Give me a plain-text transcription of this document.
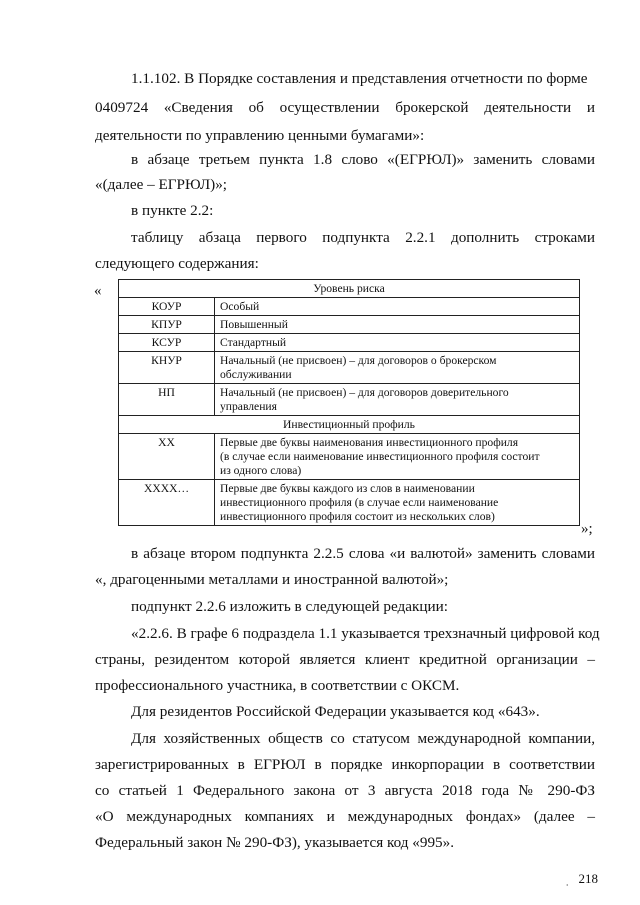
1.1.102. В Порядке составления и представления отчетности по форме
0409724 «Сведения об осуществлении брокерской деятельности и
деятельности по управлению ценными бумагами»:
в абзаце третьем пункта 1.8 слово «(ЕГРЮЛ)» заменить словами
«(далее – ЕГРЮЛ)»;
в пункте 2.2:
таблицу абзаца первого подпункта 2.2.1 дополнить строками
следующего содержания:
«	Уровень риска	
КОУР	Особый
КПУР	Повышенный
КСУР	Стандартный
КНУР	Начальный (не присвоен) – для договоров о брокерском
обслуживании

НП	Начальный (не присвоен) – для договоров доверительного
управления

Инвестиционный профиль	
ХХ	Первые две буквы наименования инвестиционного профиля
(в случае если наименование инвестиционного профиля состоит
из одного слова)

ХХХХ…	Первые две буквы каждого из слов в наименовании
инвестиционного профиля (в случае если наименование
инвестиционного профиля состоит из нескольких слов)
»;
в абзаце втором подпункта 2.2.5 слова «и валютой» заменить словами
«, драгоценными металлами и иностранной валютой»;
подпункт 2.2.6 изложить в следующей редакции:
«2.2.6. В графе 6 подраздела 1.1 указывается трехзначный цифровой код
страны, резидентом которой является клиент кредитной организации –
профессионального участника, в соответствии с ОКСМ.
Для резидентов Российской Федерации указывается код «643».
Для хозяйственных обществ со статусом международной компании,
зарегистрированных в ЕГРЮЛ в порядке инкорпорации в соответствии
со статьей 1 Федерального закона от 3 августа 2018 года № 290-ФЗ
«О международных компаниях и международных фондах» (далее –
Федеральный закон № 290-ФЗ), указывается код «995».
ˌ 218
